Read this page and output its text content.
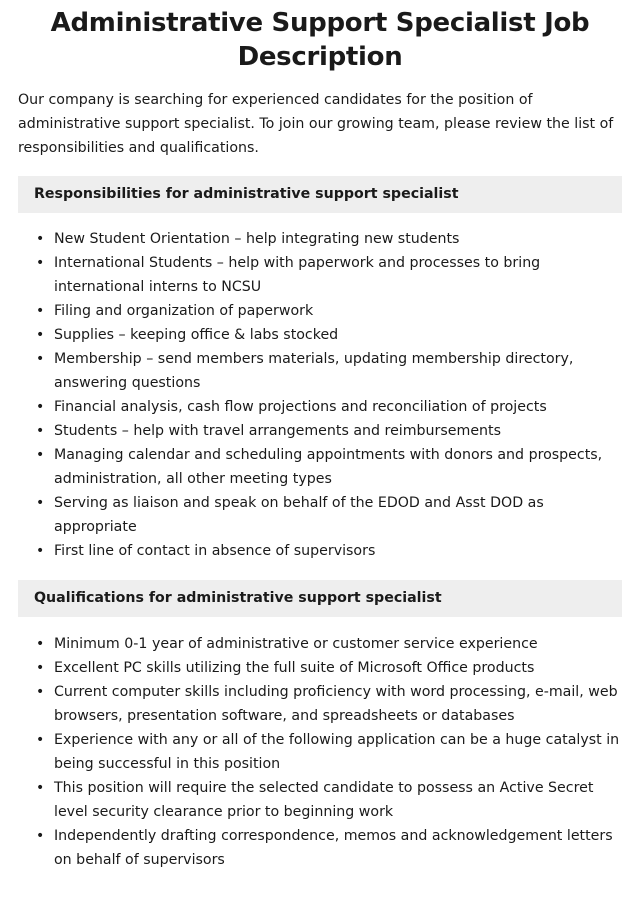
Administrative Support Specialist Job Description

Our company is searching for experienced candidates for the position of administrative support specialist. To join our growing team, please review the list of responsibilities and qualifications.

Responsibilities for administrative support specialist
• New Student Orientation – help integrating new students
• International Students – help with paperwork and processes to bring international interns to NCSU
• Filing and organization of paperwork
• Supplies – keeping office & labs stocked
• Membership – send members materials, updating membership directory, answering questions
• Financial analysis, cash flow projections and reconciliation of projects
• Students – help with travel arrangements and reimbursements
• Managing calendar and scheduling appointments with donors and prospects, administration, all other meeting types
• Serving as liaison and speak on behalf of the EDOD and Asst DOD as appropriate
• First line of contact in absence of supervisors
Qualifications for administrative support specialist
• Minimum 0-1 year of administrative or customer service experience
• Excellent PC skills utilizing the full suite of Microsoft Office products
• Current computer skills including proficiency with word processing, e-mail, web browsers, presentation software, and spreadsheets or databases
• Experience with any or all of the following application can be a huge catalyst in being successful in this position
• This position will require the selected candidate to possess an Active Secret level security clearance prior to beginning work
• Independently drafting correspondence, memos and acknowledgement letters on behalf of supervisors
